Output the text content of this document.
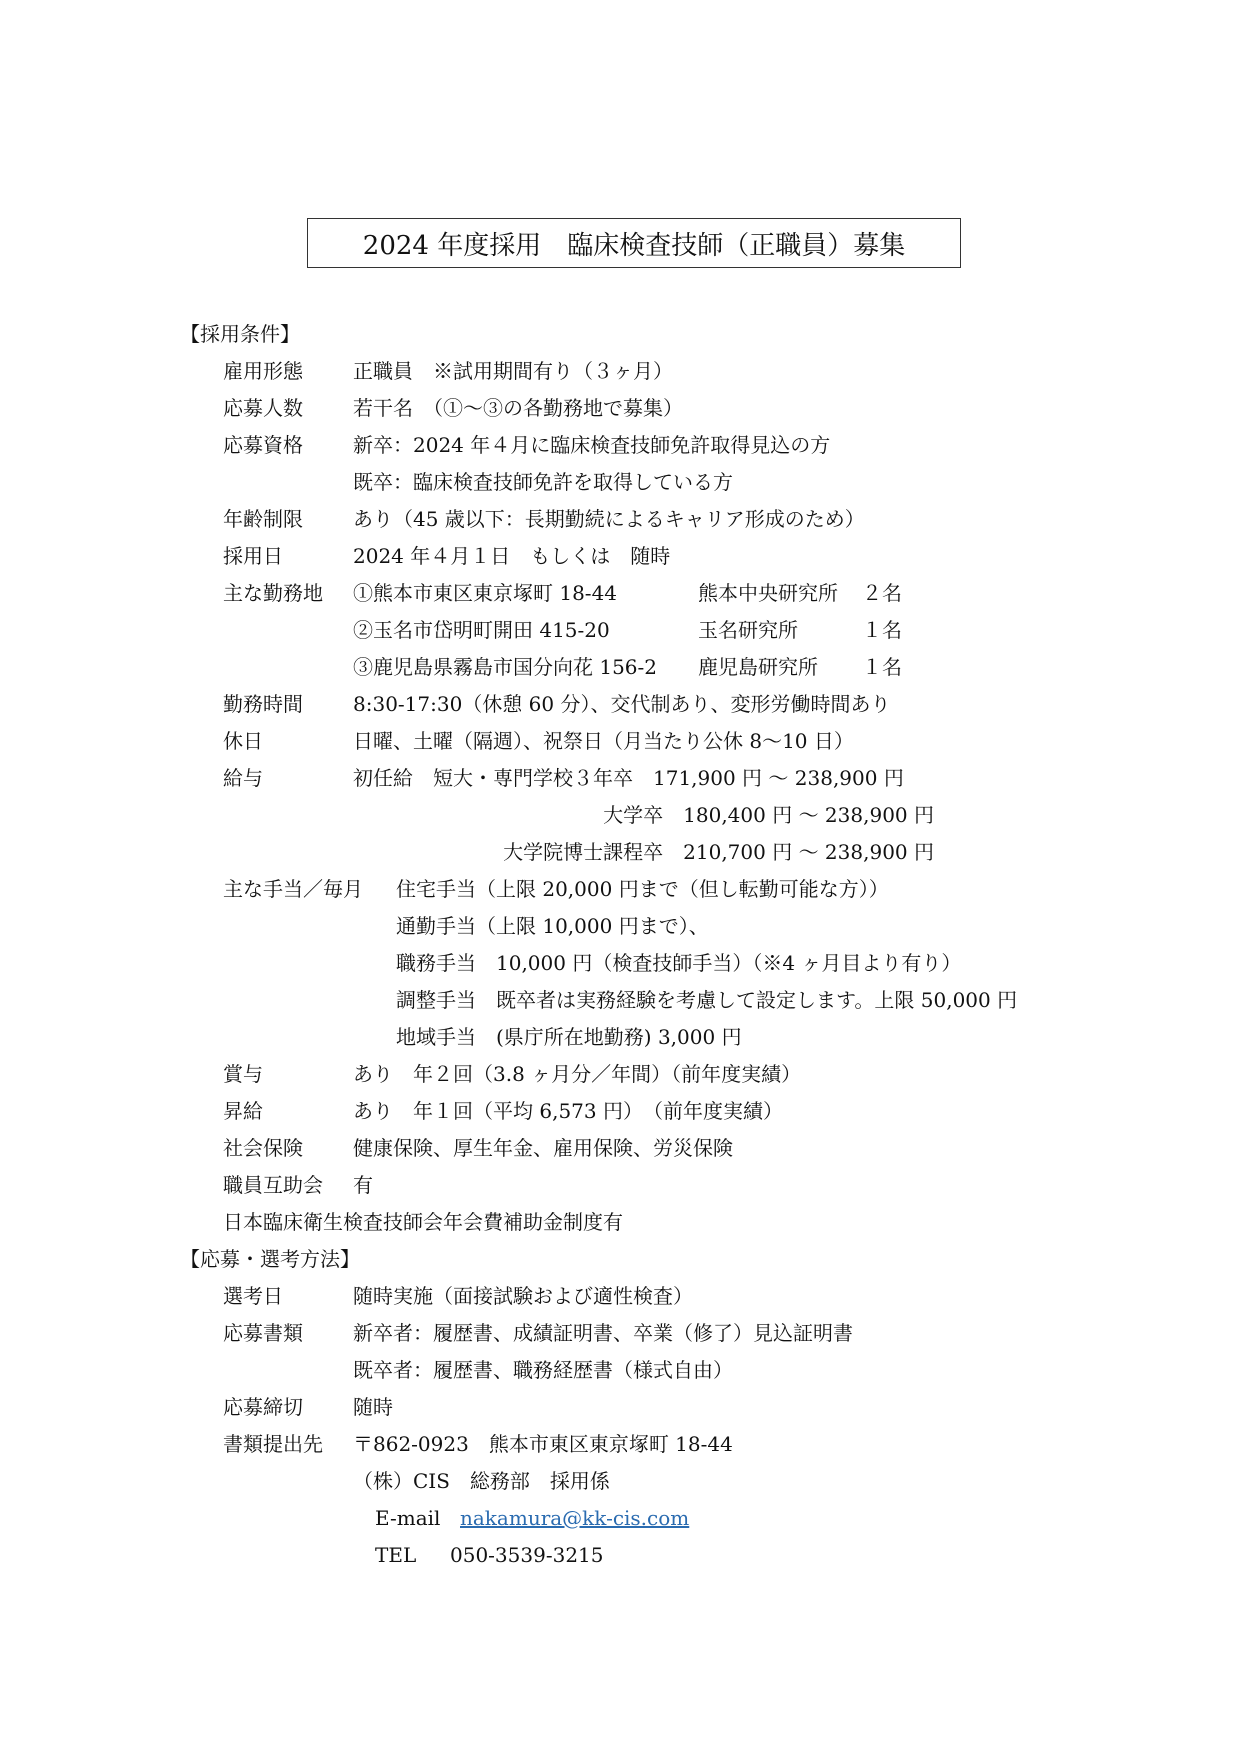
2024 年度採用　臨床検査技師（正職員）募集
【採用条件】
雇用形態	正職員　※試用期間有り（３ヶ月）
応募人数	若干名　（①～③の各勤務地で募集）
応募資格	新卒：2024 年４月に臨床検査技師免許取得見込の方
既卒：臨床検査技師免許を取得している方
年齢制限	あり（45 歳以下：長期勤続によるキャリア形成のため）
採用日	2024 年４月１日　もしくは　随時
主な勤務地 ①熊本市東区東京塚町 18-44	熊本中央研究所 ２名
②玉名市岱明町開田 415-20	玉名研究所	１名
③鹿児島県霧島市国分向花 156-2 鹿児島研究所 １名
勤務時間	8:30-17:30（休憩 60 分）、交代制あり、変形労働時間あり
休日	日曜、土曜（隔週）、祝祭日（月当たり公休 8～10 日）
給与	初任給　短大・専門学校３年卒　171,900 円 ～ 238,900 円
大学卒　180,400 円 ～ 238,900 円
大学院博士課程卒　210,700 円 ～ 238,900 円
主な手当／毎月 住宅手当（上限 20,000 円まで（但し転勤可能な方））
通勤手当（上限 10,000 円まで）、
職務手当　10,000 円（検査技師手当）（※4 ヶ月目より有り）
調整手当　既卒者は実務経験を考慮して設定します。上限 50,000 円
地域手当　(県庁所在地勤務) 3,000 円
賞与	あり　年２回（3.8 ヶ月分／年間）（前年度実績）
昇給	あり　年１回（平均 6,573 円）　（前年度実績）
社会保険	健康保険、厚生年金、雇用保険、労災保険
職員互助会 有
日本臨床衛生検査技師会年会費補助金制度有
【応募・選考方法】
選考日	随時実施（面接試験および適性検査）
応募書類	新卒者：履歴書、成績証明書、卒業（修了）見込証明書
既卒者：履歴書、職務経歴書（様式自由）
応募締切	随時
書類提出先 〒862-0923　熊本市東区東京塚町 18-44
（株）CIS　総務部　採用係
E-mail nakamura@kk-cis.com
TEL 050-3539-3215
